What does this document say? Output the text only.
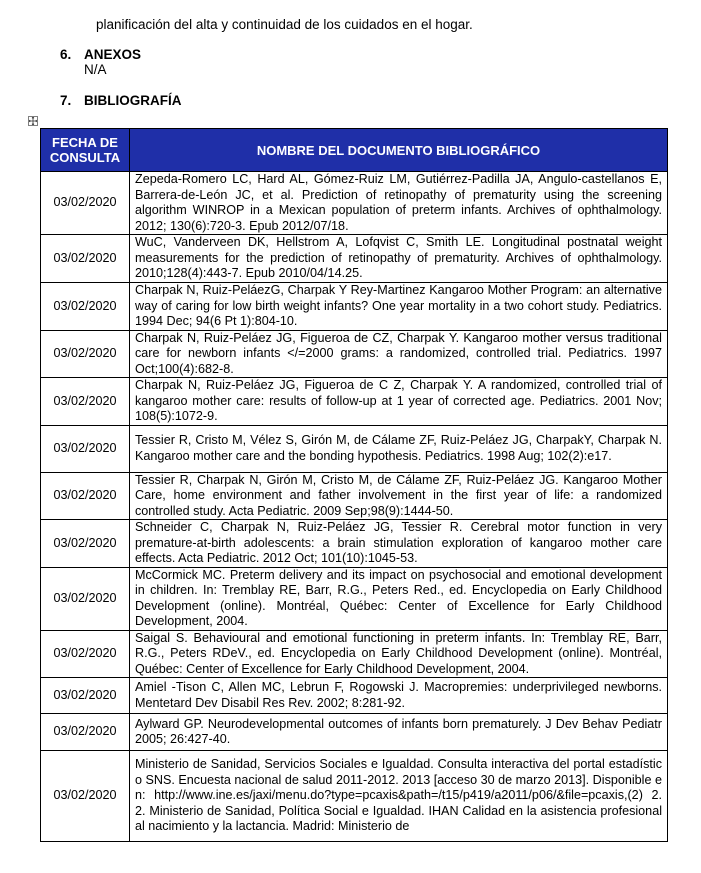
planificación del alta y continuidad de los cuidados en el hogar.
6. ANEXOS
N/A
7. BIBLIOGRAFÍA
FECHA DE CONSULTA	NOMBRE DEL DOCUMENTO BIBLIOGRÁFICO
03/02/2020	Zepeda-Romero LC, Hard AL, Gómez-Ruiz LM, Gutiérrez-Padilla JA, Angulo-castellanos E, Barrera-de-León JC, et al. Prediction of retinopathy of prematurity using the screening algorithm WINROP in a Mexican population of preterm infants. Archives of ophthalmology. 2012; 130(6):720-3. Epub 2012/07/18.
03/02/2020	WuC, Vanderveen DK, Hellstrom A, Lofqvist C, Smith LE. Longitudinal postnatal weight measurements for the prediction of retinopathy of prematurity. Archives of ophthalmology. 2010;128(4):443-7. Epub 2010/04/14.25.
03/02/2020	Charpak N, Ruiz-PeláezG, Charpak Y Rey-Martinez Kangaroo Mother Program: an alternative way of caring for low birth weight infants? One year mortality in a two cohort study. Pediatrics. 1994 Dec; 94(6 Pt 1):804-10.
03/02/2020	Charpak N, Ruiz-Peláez JG, Figueroa de CZ, Charpak Y. Kangaroo mother versus traditional care for newborn infants </=2000 grams: a randomized, controlled trial. Pediatrics. 1997 Oct;100(4):682-8.
03/02/2020	Charpak N, Ruiz-Peláez JG, Figueroa de C Z, Charpak Y. A randomized, controlled trial of kangaroo mother care: results of follow-up at 1 year of corrected age. Pediatrics. 2001 Nov; 108(5):1072-9.
03/02/2020	Tessier R, Cristo M, Vélez S, Girón M, de Cálame ZF, Ruiz-Peláez JG, CharpakY, Charpak N. Kangaroo mother care and the bonding hypothesis. Pediatrics. 1998 Aug; 102(2):e17.
03/02/2020	Tessier R, Charpak N, Girón M, Cristo M, de Cálame ZF, Ruiz-Peláez JG. Kangaroo Mother Care, home environment and father involvement in the first year of life: a randomized controlled study. Acta Pediatric. 2009 Sep;98(9):1444-50.
03/02/2020	Schneider C, Charpak N, Ruiz-Peláez JG, Tessier R. Cerebral motor function in very premature-at-birth adolescents: a brain stimulation exploration of kangaroo mother care effects. Acta Pediatric. 2012 Oct; 101(10):1045-53.
03/02/2020	McCormick MC. Preterm delivery and its impact on psychosocial and emotional development in children. In: Tremblay RE, Barr, R.G., Peters Red., ed. Encyclopedia on Early Childhood Development (online). Montréal, Québec: Center of Excellence for Early Childhood Development, 2004.
03/02/2020	Saigal S. Behavioural and emotional functioning in preterm infants. In: Tremblay RE, Barr, R.G., Peters RDeV., ed. Encyclopedia on Early Childhood Development (online). Montréal, Québec: Center of Excellence for Early Childhood Development, 2004.
03/02/2020	Amiel -Tison C, Allen MC, Lebrun F, Rogowski J. Macropremies: underprivileged newborns. Mentetard Dev Disabil Res Rev. 2002; 8:281-92.
03/02/2020	Aylward GP. Neurodevelopmental outcomes of infants born prematurely. J Dev Behav Pediatr 2005; 26:427-40.
03/02/2020	Ministerio de Sanidad, Servicios Sociales e Igualdad. Consulta interactiva del portal estadístico SNS. Encuesta nacional de salud 2011-2012. 2013 [acceso 30 de marzo 2013]. Disponible en: http://www.ine.es/jaxi/menu.do?type=pcaxis&path=/t15/p419/a2011/p06/&file=pcaxis,(2) 2. 2. Ministerio de Sanidad, Política Social e Igualdad. IHAN Calidad en la asistencia profesional al nacimiento y la lactancia. Madrid: Ministerio de
